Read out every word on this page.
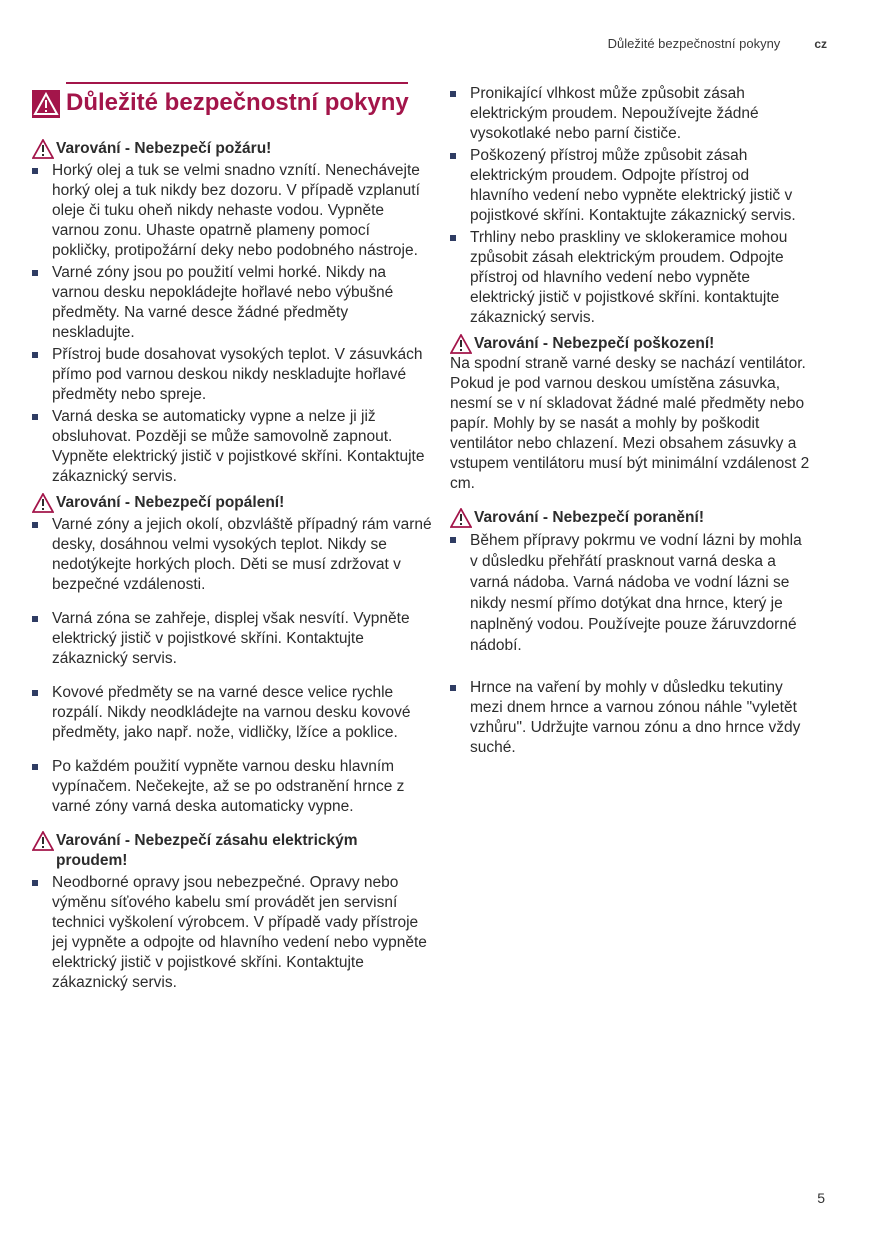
Důležité bezpečnostní pokyny	cz
Důležité bezpečnostní pokyny
Varování - Nebezpečí požáru!
Horký olej a tuk se velmi snadno vznítí. Nenechávejte horký olej a tuk nikdy bez dozoru. V případě vzplanutí oleje či tuku oheň nikdy nehaste vodou. Vypněte varnou zonu. Uhaste opatrně plameny pomocí pokličky, protipožární deky nebo podobného nástroje.
Varné zóny jsou po použití velmi horké. Nikdy na varnou desku nepokládejte hořlavé nebo výbušné předměty. Na varné desce žádné předměty neskladujte.
Přístroj bude dosahovat vysokých teplot. V zásuvkách přímo pod varnou deskou nikdy neskladujte hořlavé předměty nebo spreje.
Varná deska se automaticky vypne a nelze ji již obsluhovat. Později se může samovolně zapnout. Vypněte elektrický jistič v pojistkové skříni. Kontaktujte zákaznický servis.
Varování - Nebezpečí popálení!
Varné zóny a jejich okolí, obzvláště případný rám varné desky, dosáhnou velmi vysokých teplot. Nikdy se nedotýkejte horkých ploch. Děti se musí zdržovat v bezpečné vzdálenosti.
Varná zóna se zahřeje, displej však nesvítí. Vypněte elektrický jistič v pojistkové skříni. Kontaktujte zákaznický servis.
Kovové předměty se na varné desce velice rychle rozpálí. Nikdy neodkládejte na varnou desku kovové předměty, jako např. nože, vidličky, lžíce a poklice.
Po každém použití vypněte varnou desku hlavním vypínačem. Nečekejte, až se po odstranění hrnce z varné zóny varná deska automaticky vypne.
Varování - Nebezpečí zásahu elektrickým proudem!
Neodborné opravy jsou nebezpečné. Opravy nebo výměnu síťového kabelu smí provádět jen servisní technici vyškolení výrobcem. V případě vady přístroje jej vypněte a odpojte od hlavního vedení nebo vypněte elektrický jistič v pojistkové skříni. Kontaktujte zákaznický servis.
Pronikající vlhkost může způsobit zásah elektrickým proudem. Nepoužívejte žádné vysokotlaké nebo parní čističe.
Poškozený přístroj může způsobit zásah elektrickým proudem. Odpojte přístroj od hlavního vedení nebo vypněte elektrický jistič v pojistkové skříni. Kontaktujte zákaznický servis.
Trhliny nebo praskliny ve sklokeramice mohou způsobit zásah elektrickým proudem. Odpojte přístroj od hlavního vedení nebo vypněte elektrický jistič v pojistkové skříni. kontaktujte zákaznický servis.
Varování - Nebezpečí poškození!

Na spodní straně varné desky se nachází ventilátor. Pokud je pod varnou deskou umístěna zásuvka, nesmí se v ní skladovat žádné malé předměty nebo papír. Mohly by se nasát a mohly by poškodit ventilátor nebo chlazení. Mezi obsahem zásuvky a vstupem ventilátoru musí být minimální vzdálenost 2 cm.

Varování - Nebezpečí poranění!
Během přípravy pokrmu ve vodní lázni by mohla v důsledku přehřátí prasknout varná deska a varná nádoba. Varná nádoba ve vodní lázni se nikdy nesmí přímo dotýkat dna hrnce, který je naplněný vodou. Používejte pouze žáruvzdorné nádobí.
Hrnce na vaření by mohly v důsledku tekutiny mezi dnem hrnce a varnou zónou náhle "vyletět vzhůru". Udržujte varnou zónu a dno hrnce vždy suché.
5
